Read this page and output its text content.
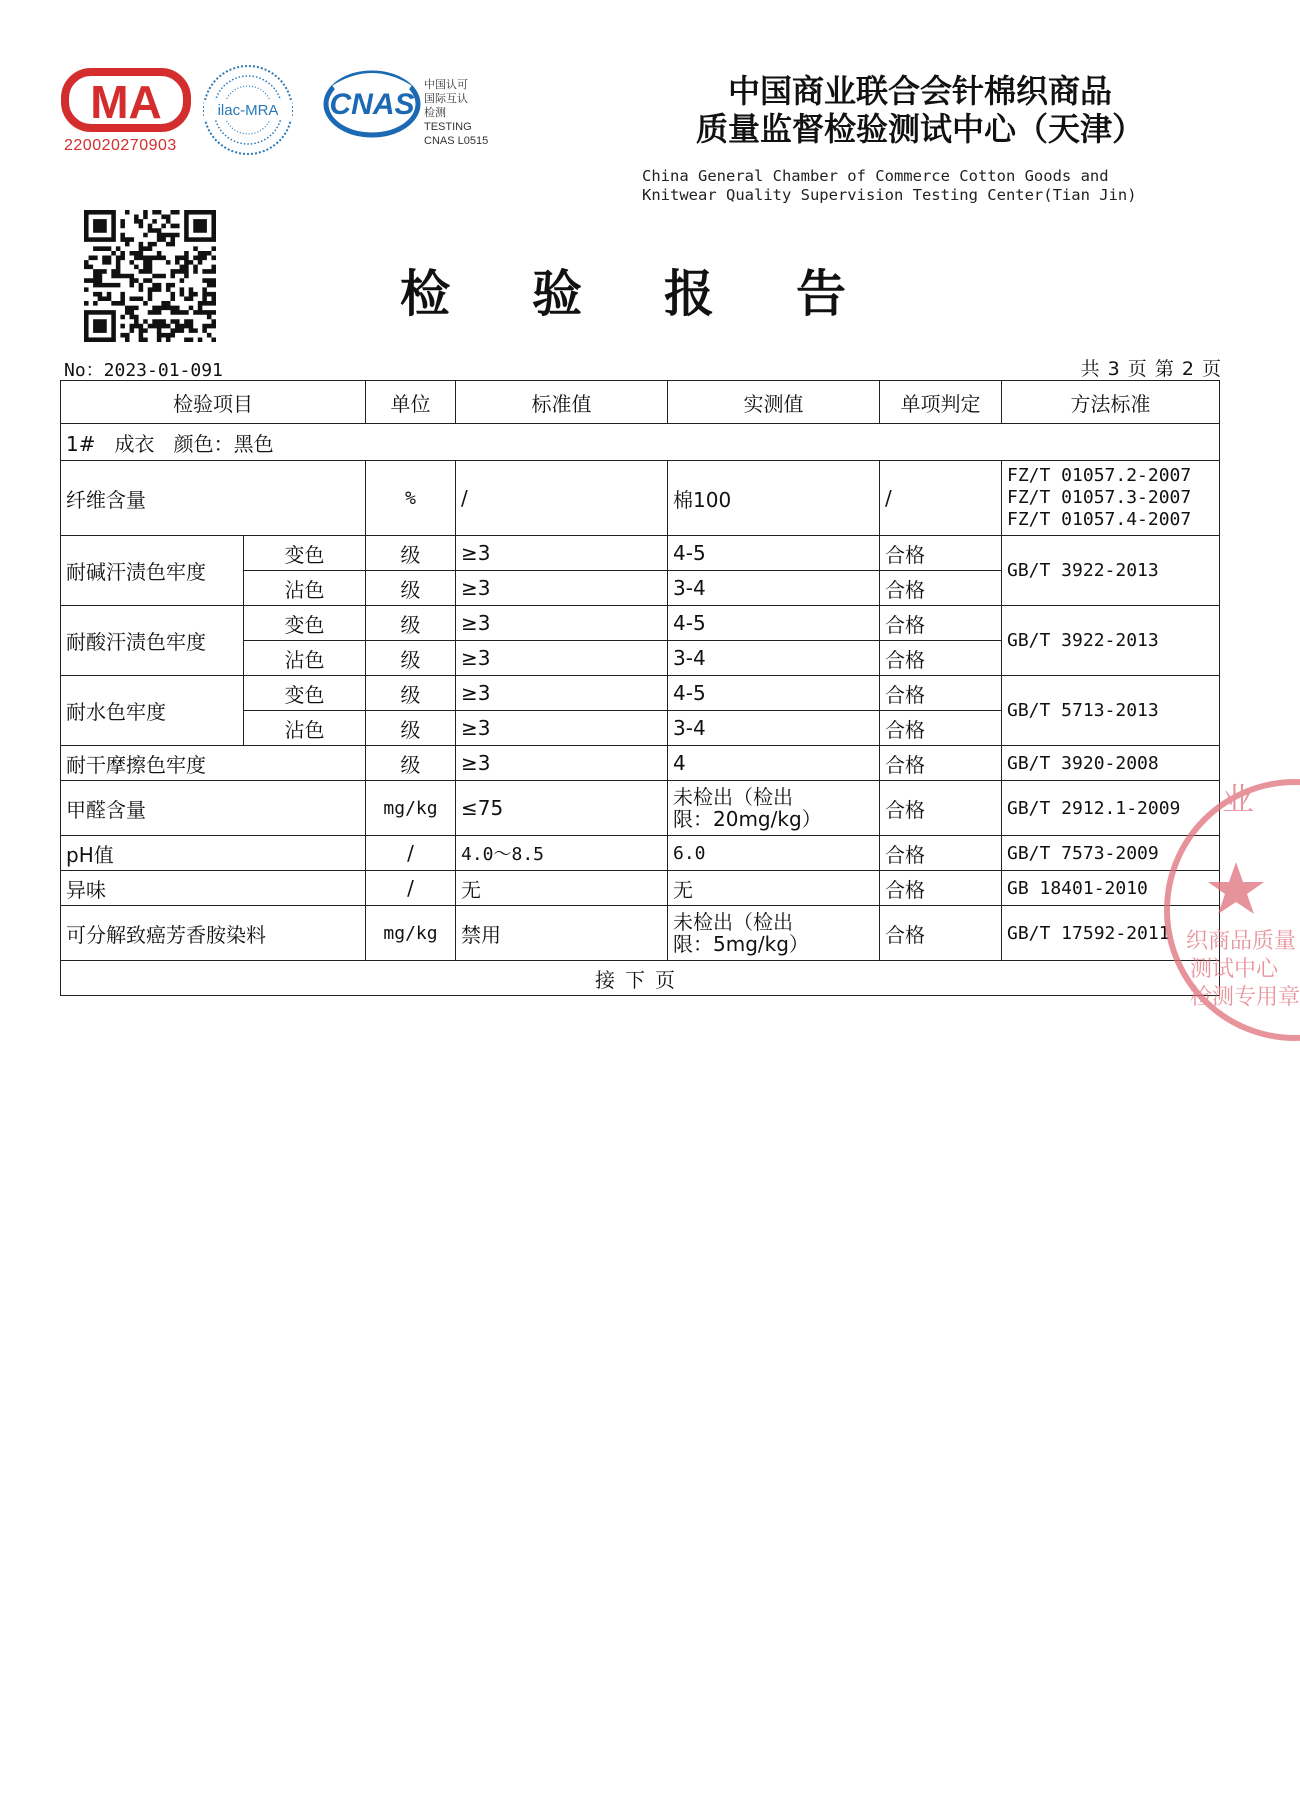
MA
220020270903
ilac-MRA CNAS
中国认可
国际互认
检测
TESTING
CNAS L0515
中国商业联合会针棉织商品
质量监督检验测试中心（天津）
China General Chamber of Commerce Cotton Goods and
Knitwear Quality Supervision Testing Center(Tian Jin)
检验报告
No：2023-01-091	共 3 页 第 2 页
检验项目		单位	标准值	实测值	单项判定	方法标准
1#   成衣   颜色：黑色						
纤维含量		%	/	棉100	/	FZ/T 01057.2-2007
FZ/T 01057.3-2007
FZ/T 01057.4-2007

耐碱汗渍色牢度	变色	级	≥3	4-5	合格	GB/T 3922-2013
	沾色	级	≥3	3-4	合格	
耐酸汗渍色牢度	变色	级	≥3	4-5	合格	GB/T 3922-2013
	沾色	级	≥3	3-4	合格	
耐水色牢度	变色	级	≥3	4-5	合格	GB/T 5713-2013
	沾色	级	≥3	3-4	合格	
耐干摩擦色牢度		级	≥3	4	合格	GB/T 3920-2008
甲醛含量		mg/kg	≤75	未检出（检出
限：20mg/kg）	合格	GB/T 2912.1-2009
pH值		/	4.0～8.5	6.0	合格	GB/T 7573-2009
异味		/	无	无	合格	GB 18401-2010
可分解致癌芳香胺染料		mg/kg	禁用	未检出（检出
限：5mg/kg）	合格	GB/T 17592-2011
接下页						
业
织商品质量
测试中心
检测专用章
